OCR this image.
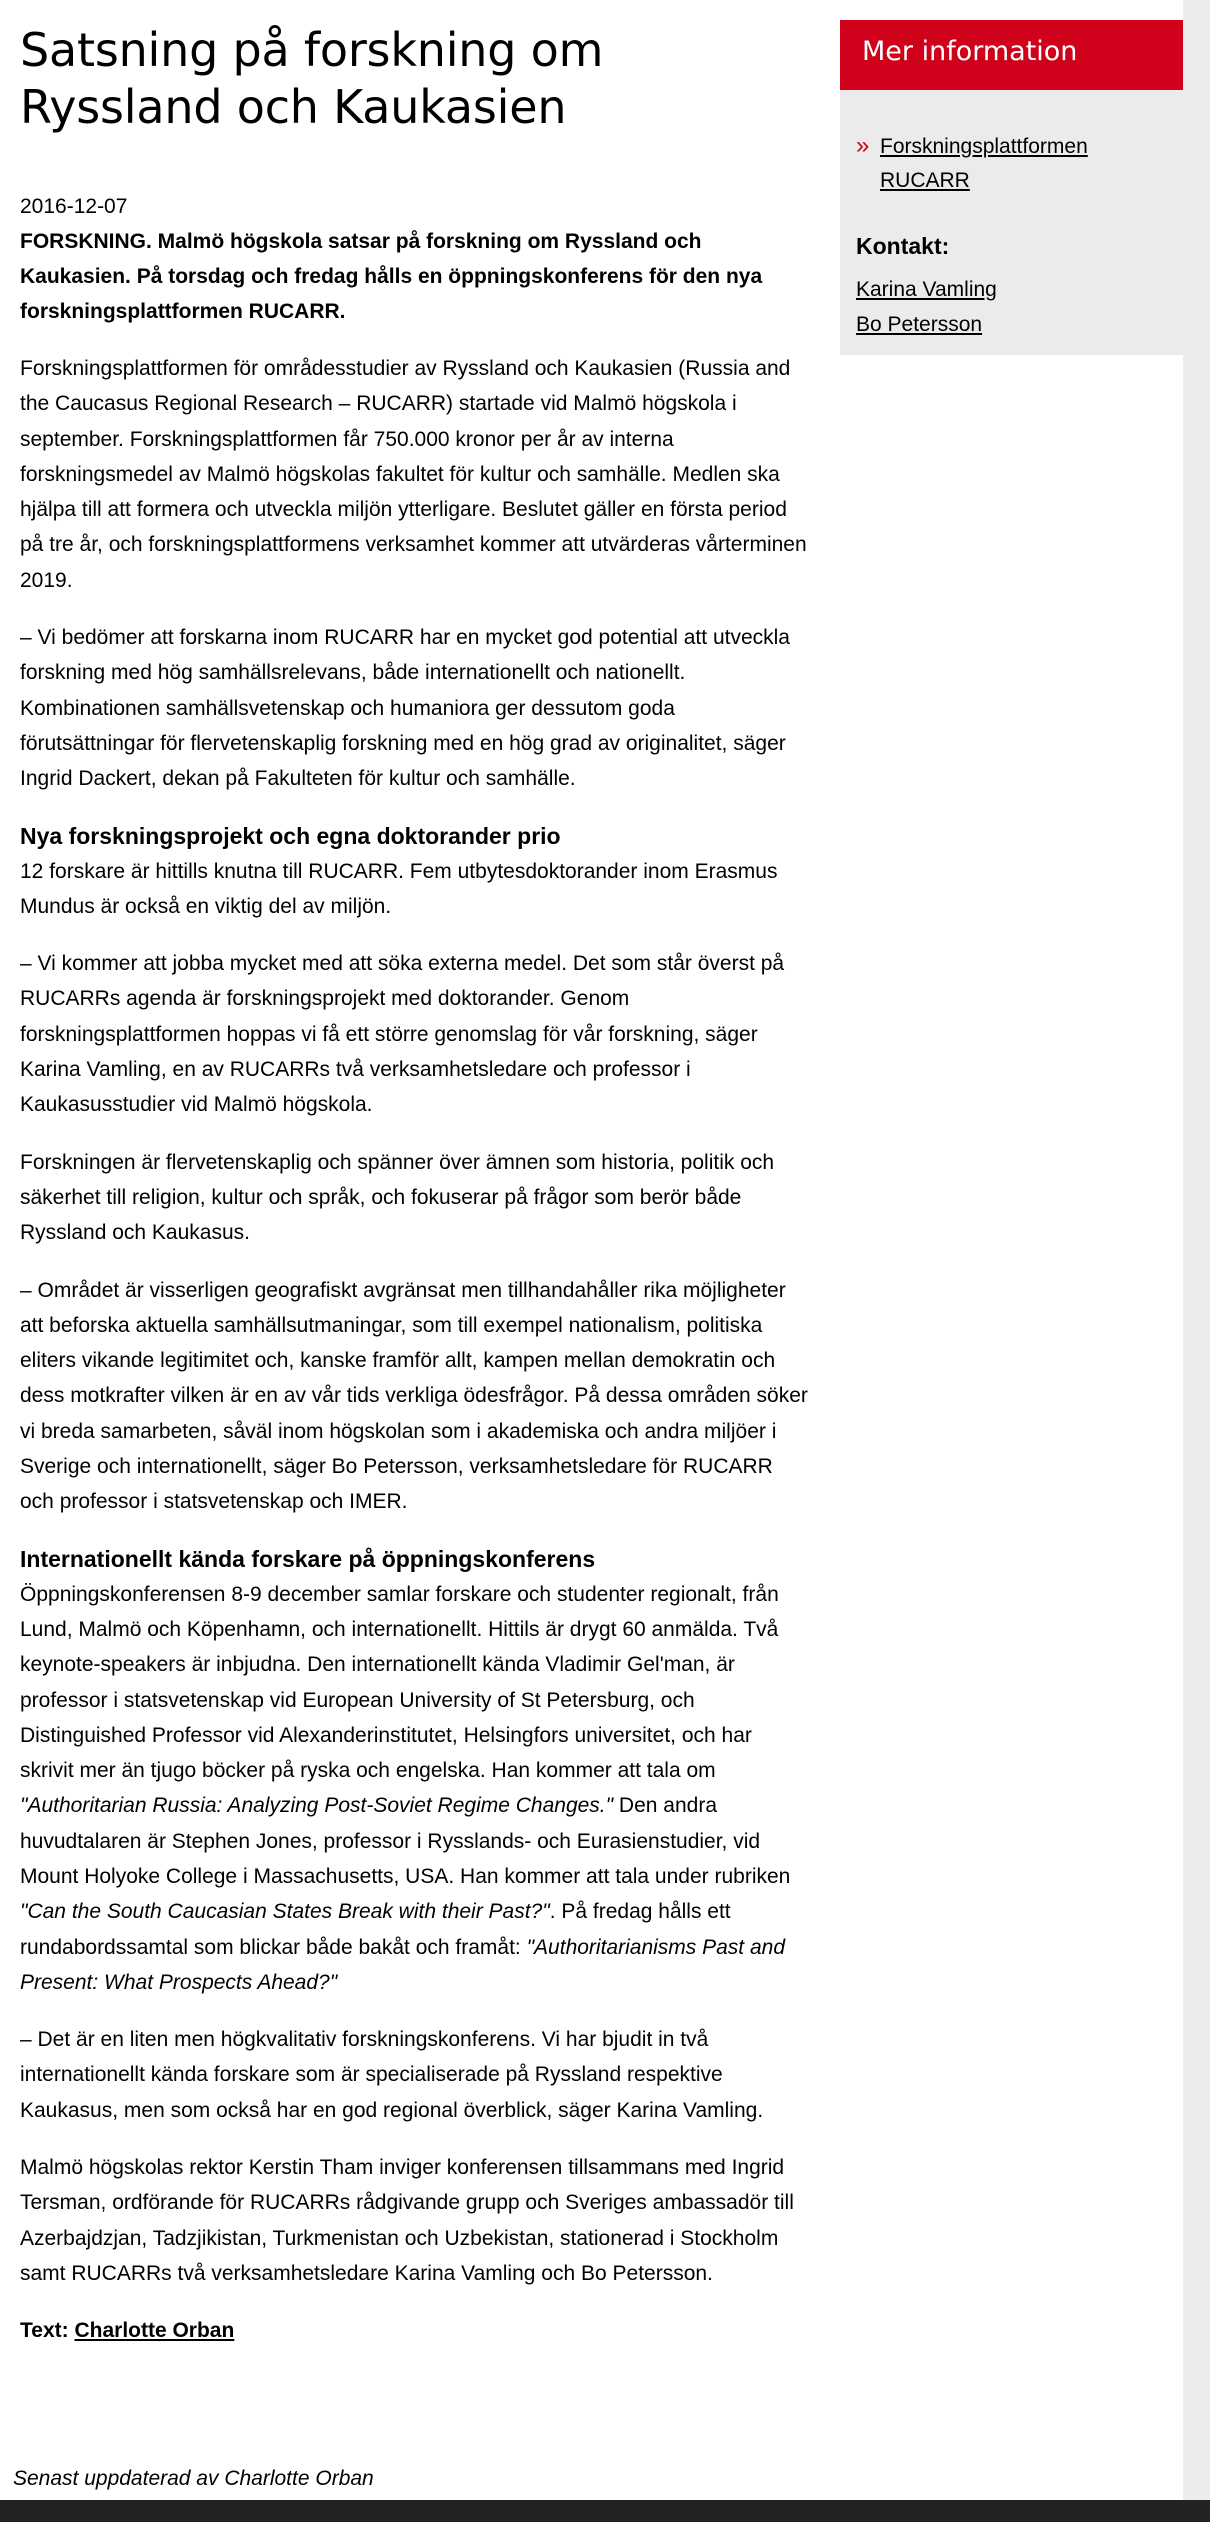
Satsning på forskning om Ryssland och Kaukasien
2016-12-07

FORSKNING. Malmö högskola satsar på forskning om Ryssland och Kaukasien. På torsdag och fredag hålls en öppningskonferens för den nya forskningsplattformen RUCARR.

Forskningsplattformen för områdesstudier av Ryssland och Kaukasien (Russia and the Caucasus Regional Research – RUCARR) startade vid Malmö högskola i september. Forskningsplattformen får 750.000 kronor per år av interna forskningsmedel av Malmö högskolas fakultet för kultur och samhälle. Medlen ska hjälpa till att formera och utveckla miljön ytterligare. Beslutet gäller en första period på tre år, och forskningsplattformens verksamhet kommer att utvärderas vårterminen 2019.

– Vi bedömer att forskarna inom RUCARR har en mycket god potential att utveckla forskning med hög samhällsrelevans, både internationellt och nationellt. Kombinationen samhällsvetenskap och humaniora ger dessutom goda förutsättningar för flervetenskaplig forskning med en hög grad av originalitet, säger Ingrid Dackert, dekan på Fakulteten för kultur och samhälle.

Nya forskningsprojekt och egna doktorander prio

12 forskare är hittills knutna till RUCARR. Fem utbytesdoktorander inom Erasmus Mundus är också en viktig del av miljön.

– Vi kommer att jobba mycket med att söka externa medel. Det som står överst på RUCARRs agenda är forskningsprojekt med doktorander. Genom forskningsplattformen hoppas vi få ett större genomslag för vår forskning, säger Karina Vamling, en av RUCARRs två verksamhetsledare och professor i Kaukasusstudier vid Malmö högskola.

Forskningen är flervetenskaplig och spänner över ämnen som historia, politik och säkerhet till religion, kultur och språk, och fokuserar på frågor som berör både Ryssland och Kaukasus.

– Området är visserligen geografiskt avgränsat men tillhandahåller rika möjligheter att beforska aktuella samhällsutmaningar, som till exempel nationalism, politiska eliters vikande legitimitet och, kanske framför allt, kampen mellan demokratin och dess motkrafter vilken är en av vår tids verkliga ödesfrågor. På dessa områden söker vi breda samarbeten, såväl inom högskolan som i akademiska och andra miljöer i Sverige och internationellt, säger Bo Petersson, verksamhetsledare för RUCARR och professor i statsvetenskap och IMER.

Internationellt kända forskare på öppningskonferens

Öppningskonferensen 8-9 december samlar forskare och studenter regionalt, från Lund, Malmö och Köpenhamn, och internationellt. Hittils är drygt 60 anmälda. Två keynote-speakers är inbjudna. Den internationellt kända Vladimir Gel'man, är professor i statsvetenskap vid European University of St Petersburg, och Distinguished Professor vid Alexanderinstitutet, Helsingfors universitet, och har skrivit mer än tjugo böcker på ryska och engelska. Han kommer att tala om "Authoritarian Russia: Analyzing Post-Soviet Regime Changes." Den andra huvudtalaren är Stephen Jones, professor i Rysslands- och Eurasienstudier, vid Mount Holyoke College i Massachusetts, USA. Han kommer att tala under rubriken "Can the South Caucasian States Break with their Past?". På fredag hålls ett rundabordssamtal som blickar både bakåt och framåt: "Authoritarianisms Past and Present: What Prospects Ahead?"

– Det är en liten men högkvalitativ forskningskonferens. Vi har bjudit in två internationellt kända forskare som är specialiserade på Ryssland respektive Kaukasus, men som också har en god regional överblick, säger Karina Vamling.

Malmö högskolas rektor Kerstin Tham inviger konferensen tillsammans med Ingrid Tersman, ordförande för RUCARRs rådgivande grupp och Sveriges ambassadör till Azerbajdzjan, Tadzjikistan, Turkmenistan och Uzbekistan, stationerad i Stockholm samt RUCARRs två verksamhetsledare Karina Vamling och Bo Petersson.

Text: Charlotte Orban

Senast uppdaterad av Charlotte Orban
Mer information
» Forskningsplattformen RUCARR
Kontakt:
Karina Vamling
Bo Petersson
